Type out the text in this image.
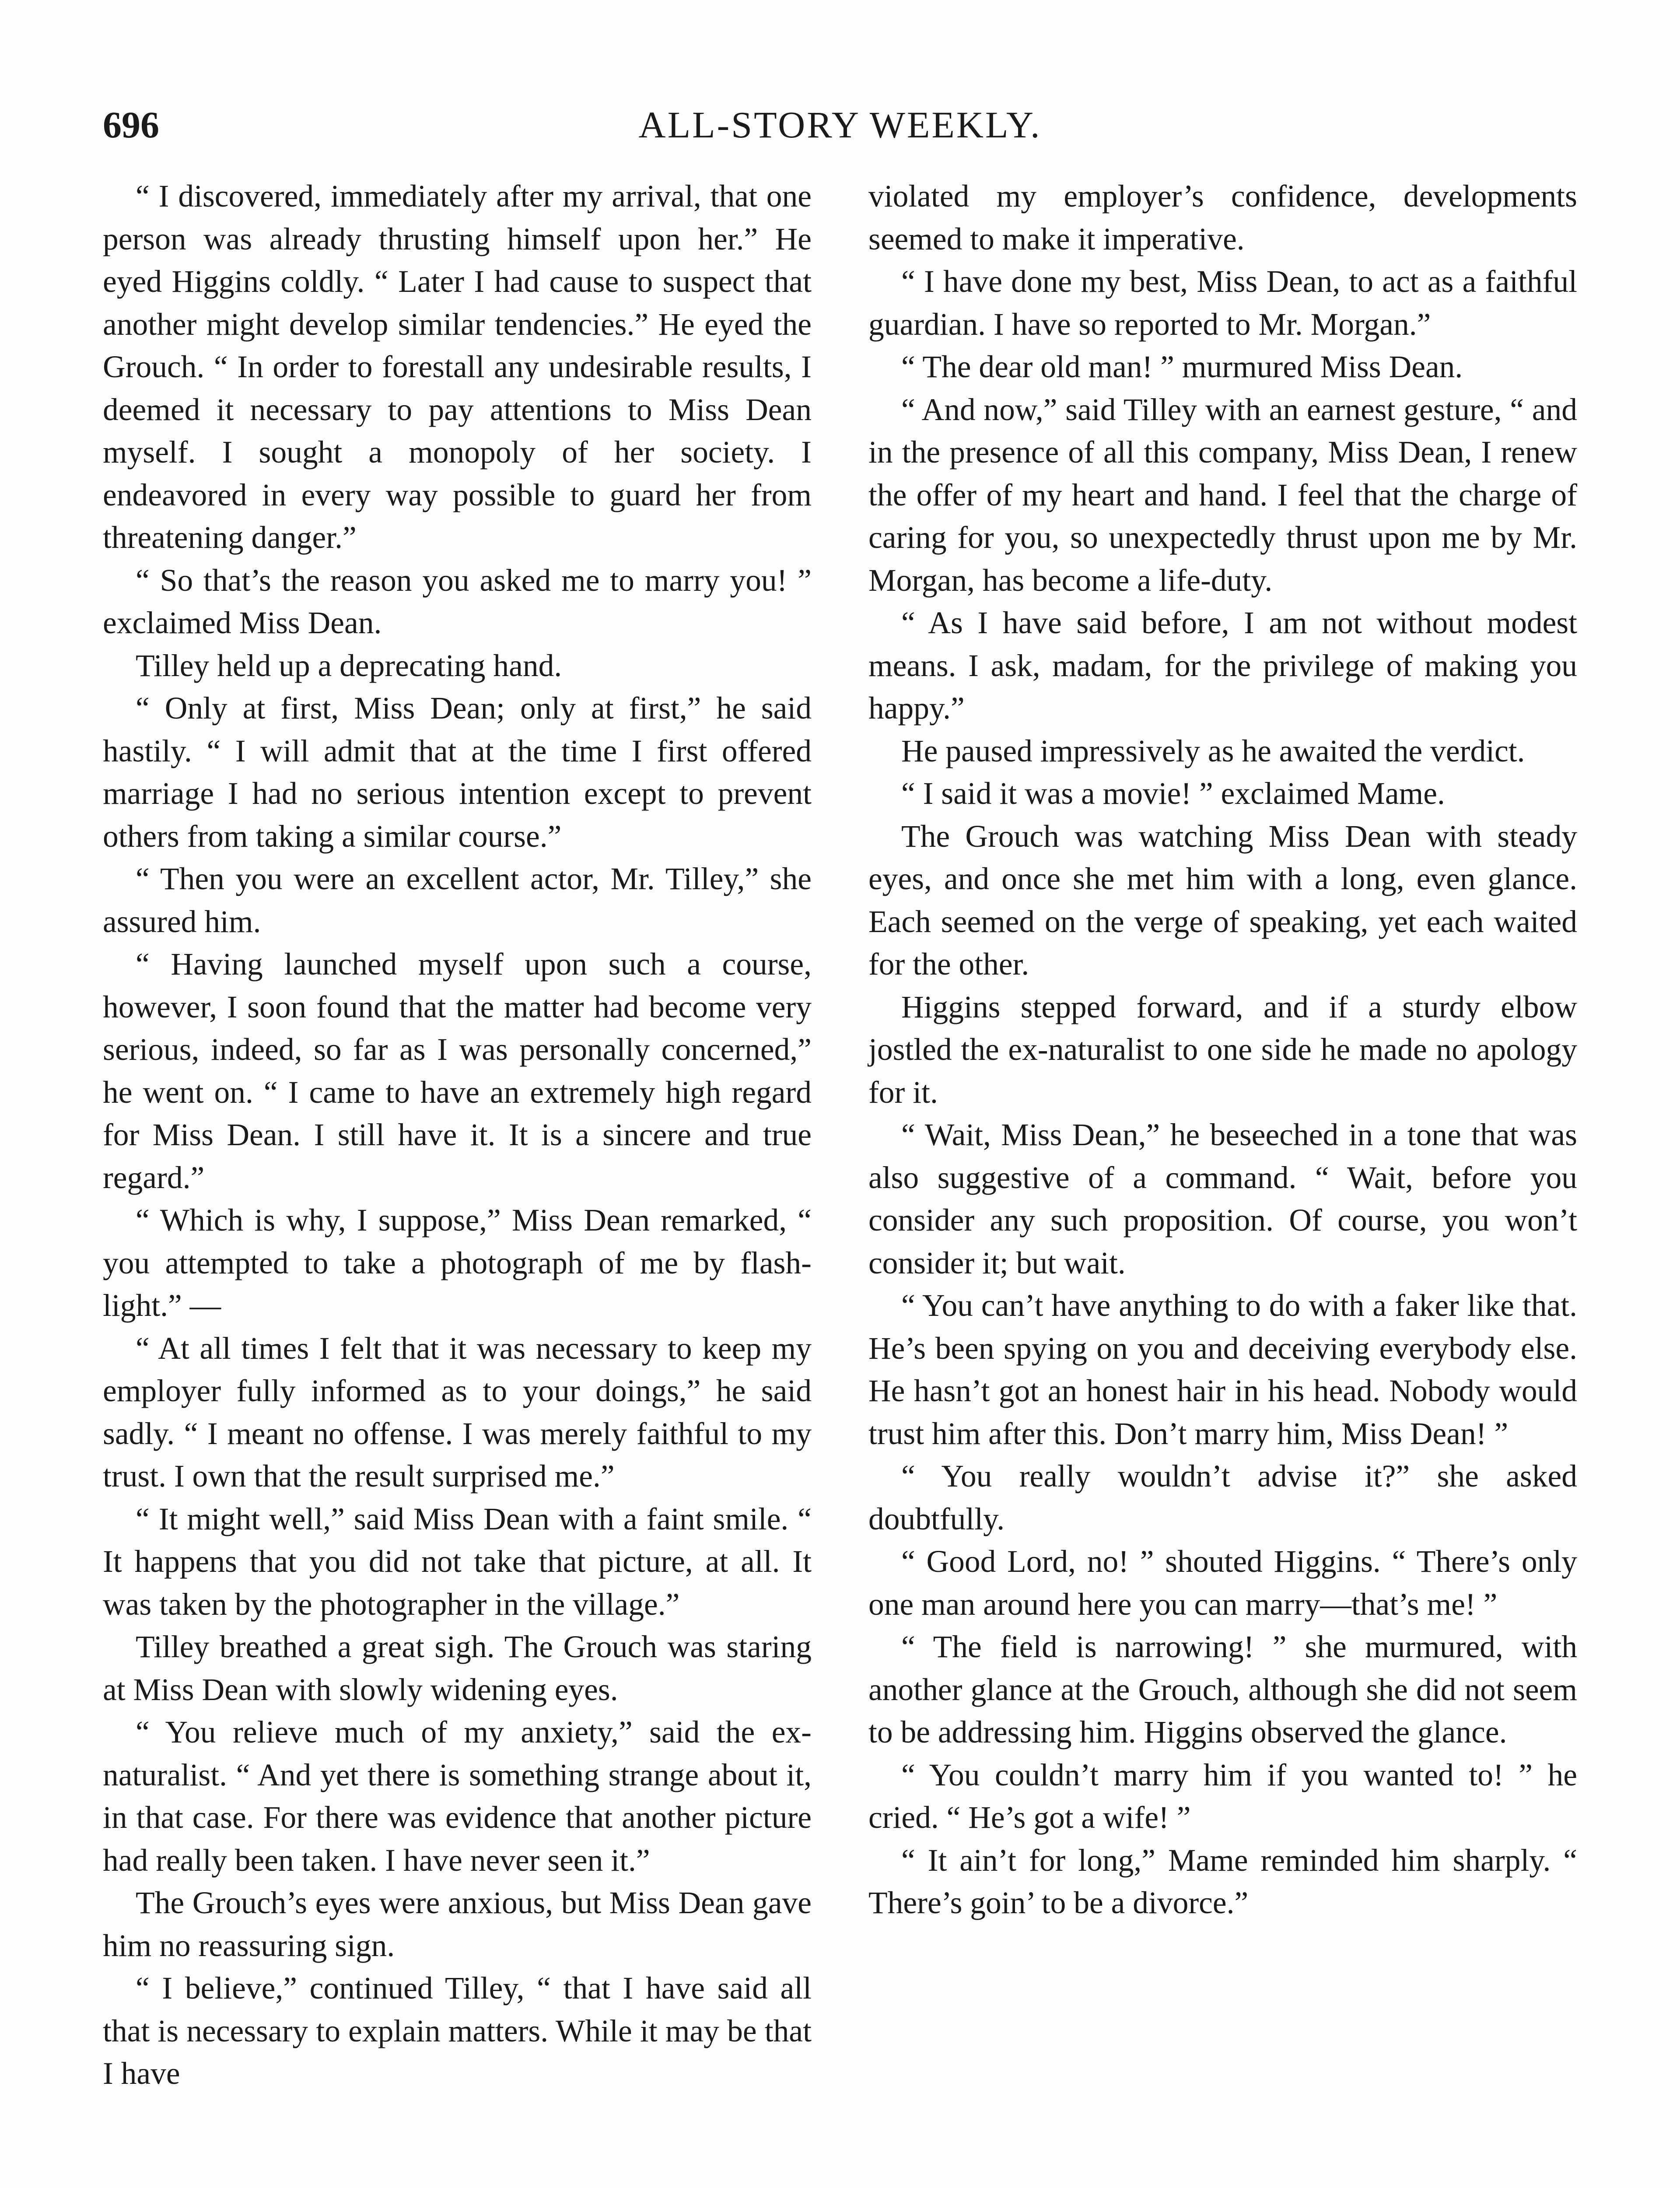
696	ALL-STORY WEEKLY.

“ I discovered, immediately after my arrival, that one person was already thrusting himself upon her.” He eyed Higgins coldly. “ Later I had cause to suspect that another might develop similar tendencies.” He eyed the Grouch. “ In order to forestall any undesirable results, I deemed it necessary to pay attentions to Miss Dean myself. I sought a monopoly of her society. I endeavored in every way possible to guard her from threatening danger.”

“ So that’s the reason you asked me to marry you! ” exclaimed Miss Dean.

Tilley held up a deprecating hand.

“ Only at first, Miss Dean; only at first,” he said hastily. “ I will admit that at the time I first offered marriage I had no serious intention except to prevent others from taking a similar course.”

“ Then you were an excellent actor, Mr. Tilley,” she assured him.

“ Having launched myself upon such a course, however, I soon found that the matter had become very serious, indeed, so far as I was personally concerned,” he went on. “ I came to have an extremely high regard for Miss Dean. I still have it. It is a sincere and true regard.”

“ Which is why, I suppose,” Miss Dean remarked, “ you attempted to take a photograph of me by flash-light.” —

“ At all times I felt that it was necessary to keep my employer fully informed as to your doings,” he said sadly. “ I meant no offense. I was merely faithful to my trust. I own that the result surprised me.”

“ It might well,” said Miss Dean with a faint smile. “ It happens that you did not take that picture, at all. It was taken by the photographer in the village.”

Tilley breathed a great sigh. The Grouch was staring at Miss Dean with slowly widening eyes.

“ You relieve much of my anxiety,” said the ex-naturalist. “ And yet there is something strange about it, in that case. For there was evidence that another picture had really been taken. I have never seen it.”

The Grouch’s eyes were anxious, but Miss Dean gave him no reassuring sign.

“ I believe,” continued Tilley, “ that I have said all that is necessary to explain matters. While it may be that I have

violated my employer’s confidence, developments seemed to make it imperative.

“ I have done my best, Miss Dean, to act as a faithful guardian. I have so reported to Mr. Morgan.”

“ The dear old man! ” murmured Miss Dean.

“ And now,” said Tilley with an earnest gesture, “ and in the presence of all this company, Miss Dean, I renew the offer of my heart and hand. I feel that the charge of caring for you, so unexpectedly thrust upon me by Mr. Morgan, has become a life-duty.

“ As I have said before, I am not without modest means. I ask, madam, for the privilege of making you happy.”

He paused impressively as he awaited the verdict.

“ I said it was a movie! ” exclaimed Mame.

The Grouch was watching Miss Dean with steady eyes, and once she met him with a long, even glance. Each seemed on the verge of speaking, yet each waited for the other.

Higgins stepped forward, and if a sturdy elbow jostled the ex-naturalist to one side he made no apology for it.

“ Wait, Miss Dean,” he beseeched in a tone that was also suggestive of a command. “ Wait, before you consider any such proposition. Of course, you won’t consider it; but wait.

“ You can’t have anything to do with a faker like that. He’s been spying on you and deceiving everybody else. He hasn’t got an honest hair in his head. Nobody would trust him after this. Don’t marry him, Miss Dean! ”

“ You really wouldn’t advise it?” she asked doubtfully.

“ Good Lord, no! ” shouted Higgins. “ There’s only one man around here you can marry—that’s me! ”

“ The field is narrowing! ” she murmured, with another glance at the Grouch, although she did not seem to be addressing him. Higgins observed the glance.

“ You couldn’t marry him if you wanted to! ” he cried. “ He’s got a wife! ”

“ It ain’t for long,” Mame reminded him sharply. “ There’s goin’ to be a divorce.”
